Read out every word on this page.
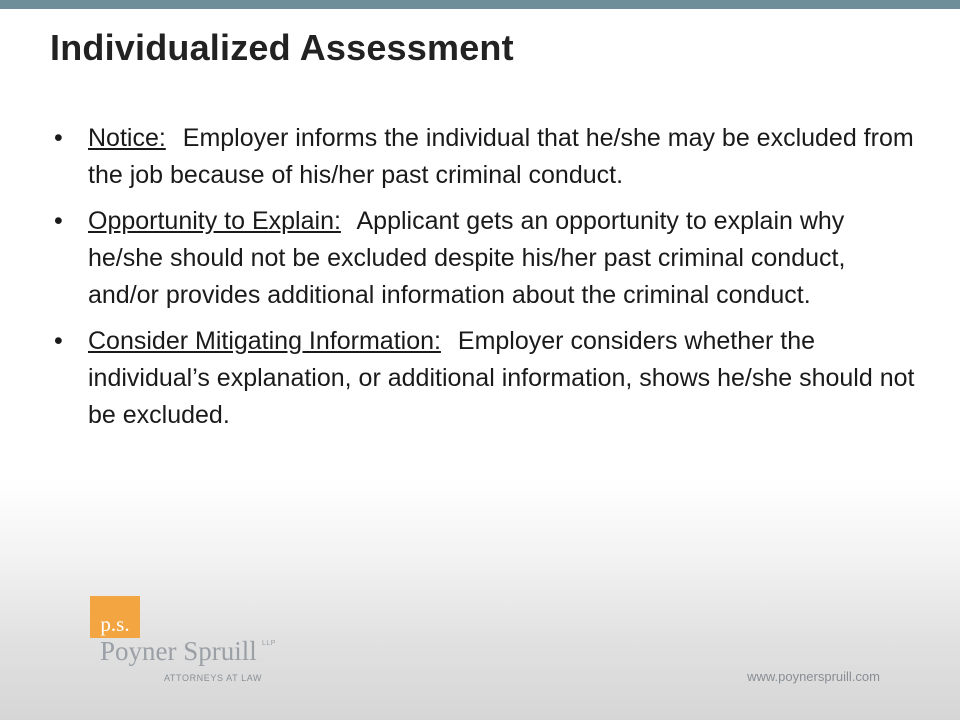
Individualized Assessment
• Notice: Employer informs the individual that he/she may be excluded from the job because of his/her past criminal conduct.
• Opportunity to Explain: Applicant gets an opportunity to explain why he/she should not be excluded despite his/her past criminal conduct, and/or provides additional information about the criminal conduct.
• Consider Mitigating Information: Employer considers whether the individual’s explanation, or additional information, shows he/she should not be excluded.
p.s.
Poyner Spruill LLP
ATTORNEYS AT LAW	www.poynerspruill.com
